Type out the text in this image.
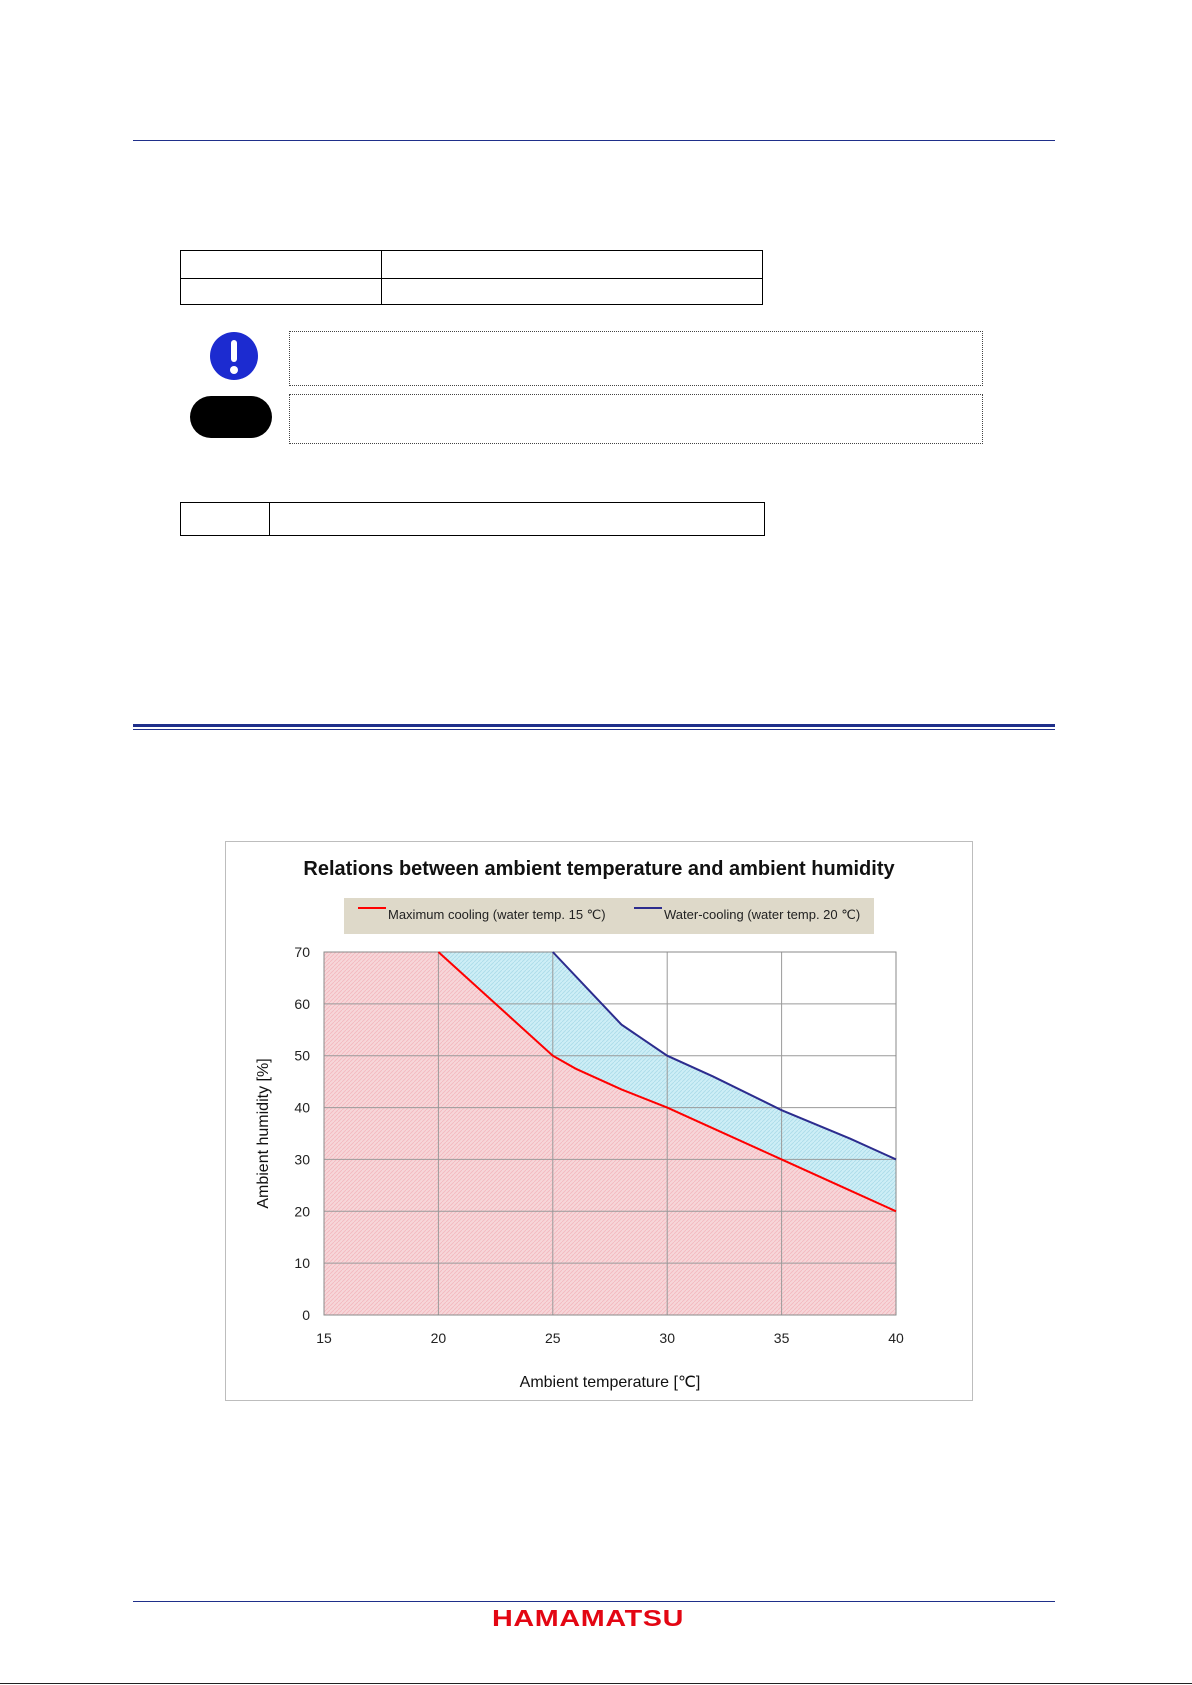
Relations between ambient temperature and ambient humidity
Maximum cooling (water temp. 15 ℃)	Water-cooling (water temp. 20 ℃)
0
10
20
30
40
50
60
70
15	20	25	30	35	40
Ambient temperature [℃]
Ambient humidity [%]
HAMAMATSU
